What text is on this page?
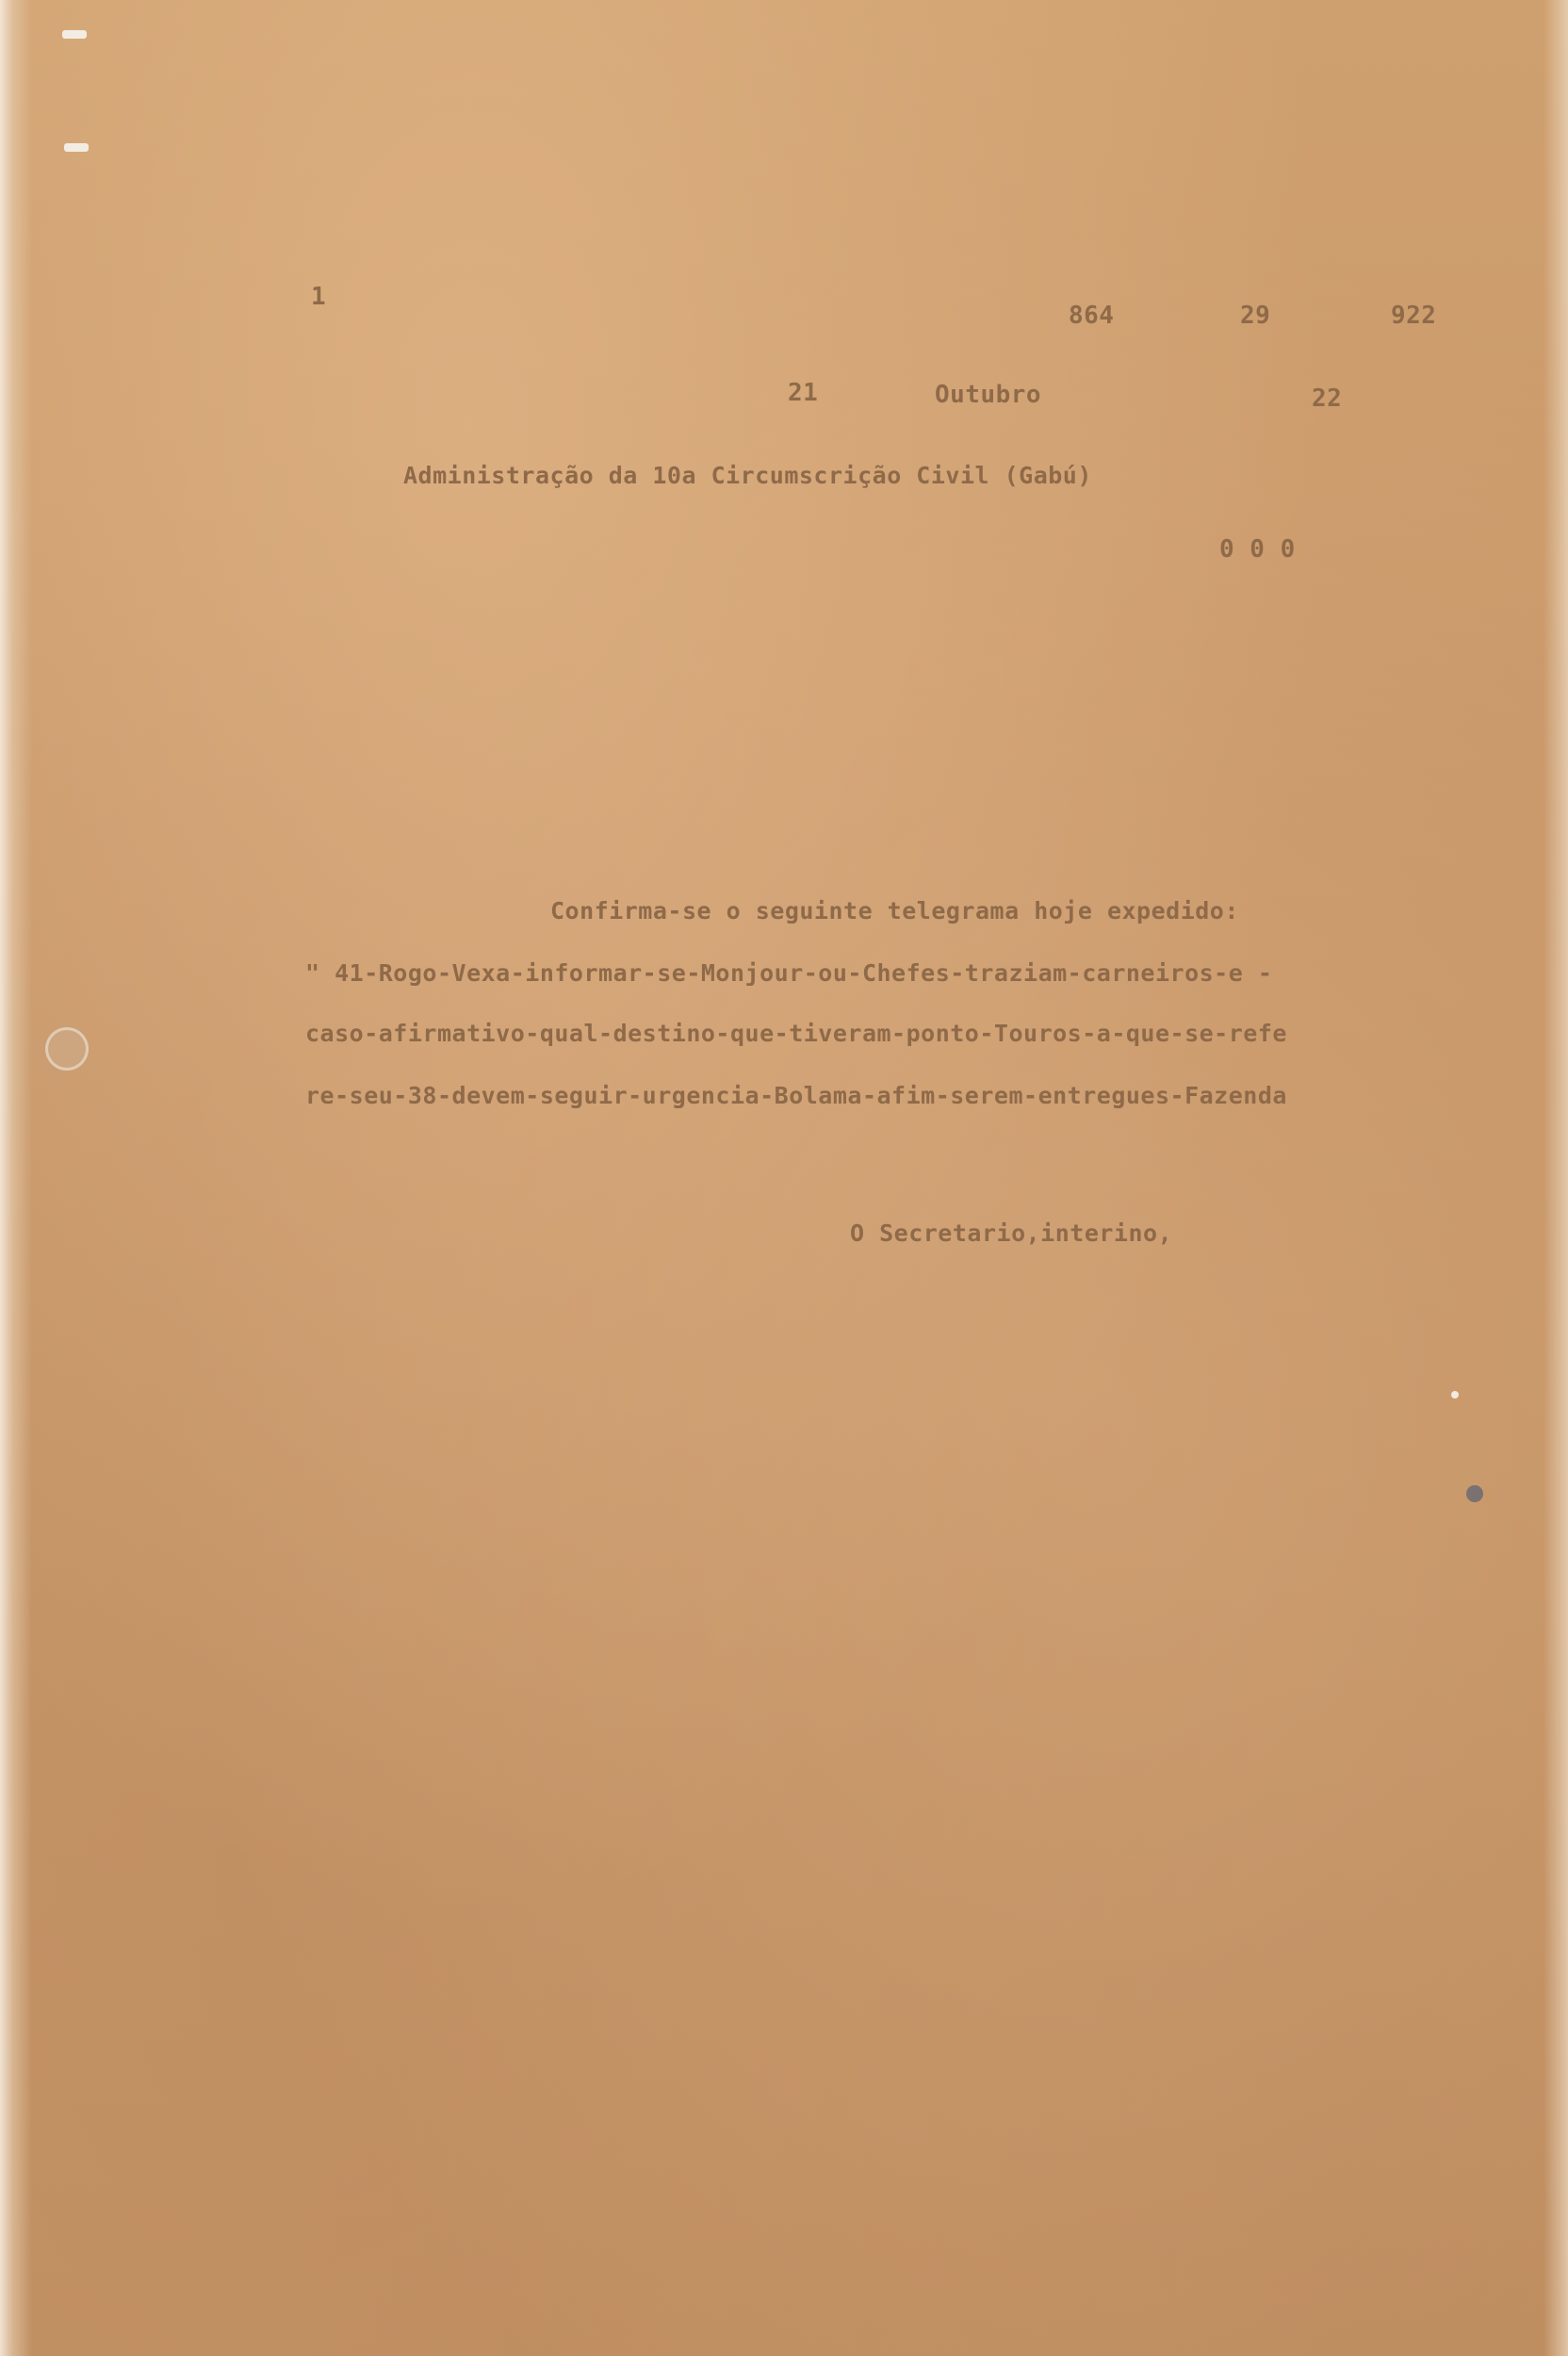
1
864	29	922
21	Outubro	22
Administração da 10a Circumscrição Civil (Gabú)
0 0 0
Confirma-se o seguinte telegrama hoje expedido:
" 41-Rogo-Vexa-informar-se-Monjour-ou-Chefes-traziam-carneiros-e -
caso-afirmativo-qual-destino-que-tiveram-ponto-Touros-a-que-se-refe
re-seu-38-devem-seguir-urgencia-Bolama-afim-serem-entregues-Fazenda
O Secretario,interino,
